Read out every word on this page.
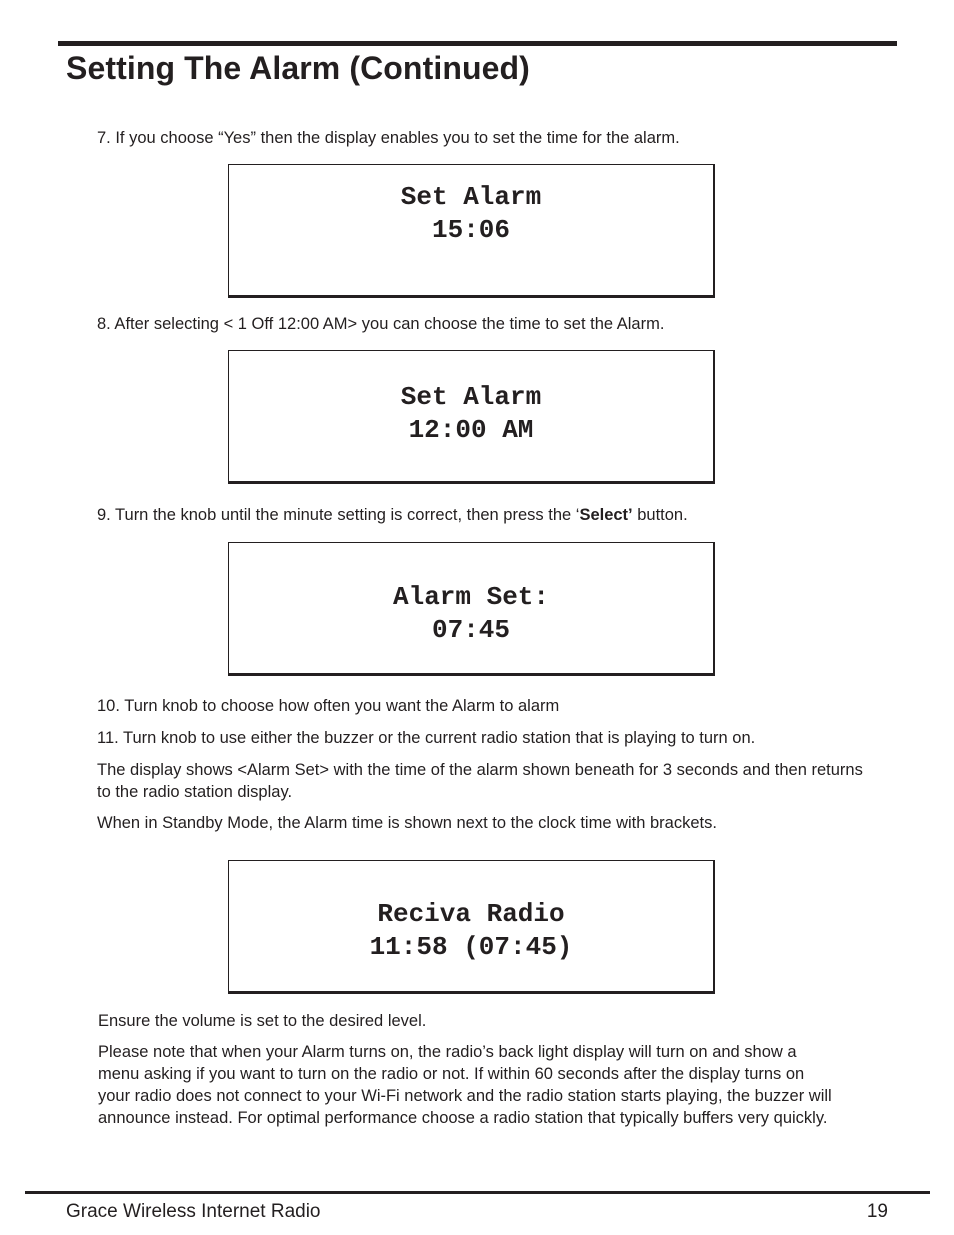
Setting The Alarm (Continued)

7. If you choose “Yes” then the display enables you to set the time for the alarm.

Set Alarm
15:06

8. After selecting < 1 Off 12:00 AM> you can choose the time to set the Alarm.

Set Alarm
12:00 AM

9. Turn the knob until the minute setting is correct, then press the ‘Select’ button.

Alarm Set:
07:45

10. Turn knob to choose how often you want the Alarm to alarm

11. Turn knob to use either the buzzer or the current radio station that is playing to turn on.

The display shows <Alarm Set> with the time of the alarm shown beneath for 3 seconds and then returns to the radio station display.

When in Standby Mode, the Alarm time is shown next to the clock time with brackets.

Reciva Radio
11:58 (07:45)

Ensure the volume is set to the desired level.

Please note that when your Alarm turns on, the radio’s back light display will turn on and show a menu asking if you want to turn on the radio or not. If within 60 seconds after the display turns on your radio does not connect to your Wi-Fi network and the radio station starts playing, the buzzer will announce instead. For optimal performance choose a radio station that typically buffers very quickly.

Grace Wireless Internet Radio	19
